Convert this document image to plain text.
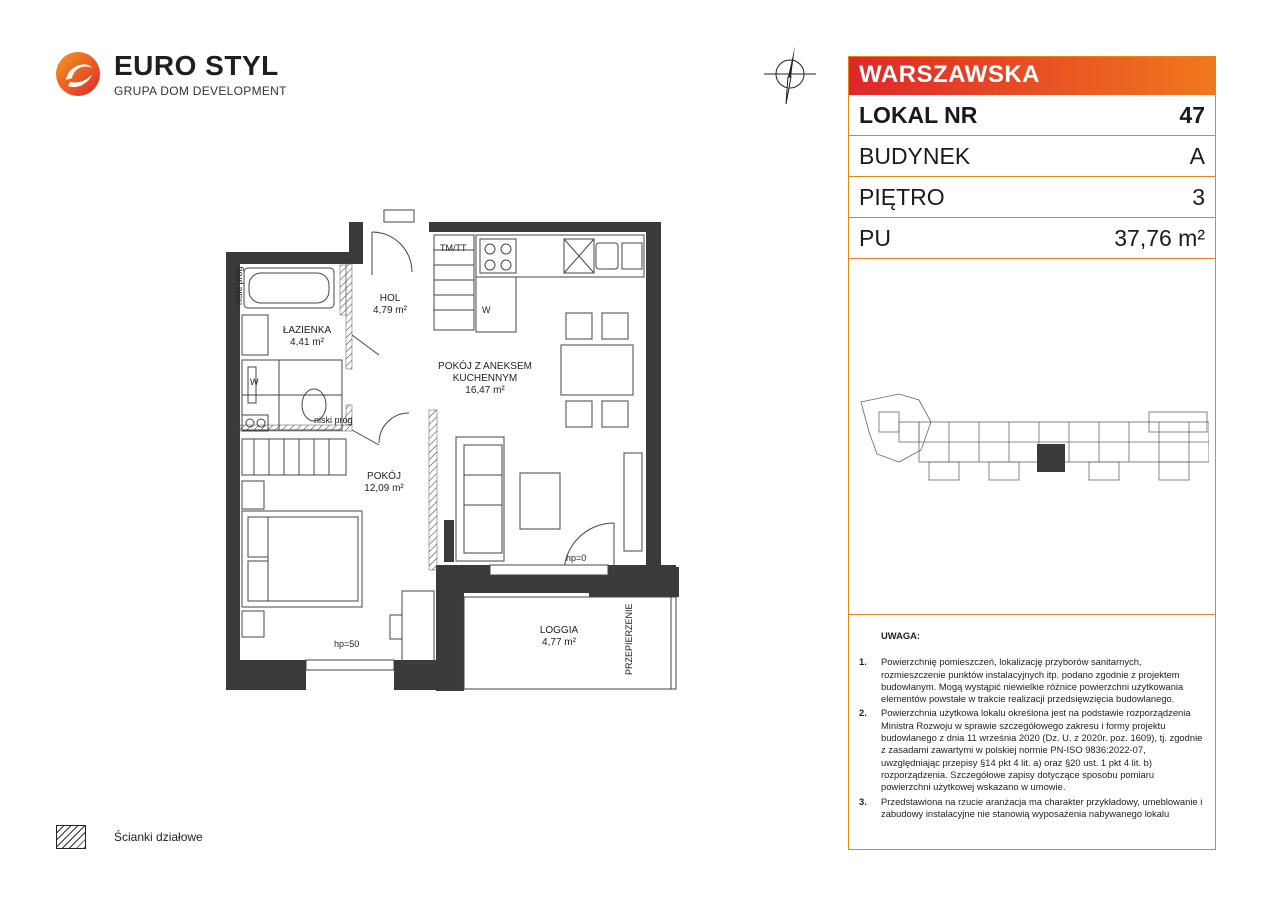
EURO STYL
GRUPA DOM DEVELOPMENT
HOL
4,79 m²
ŁAZIENKA
4,41 m²
POKÓJ Z ANEKSEM
KUCHENNYM
16,47 m²
POKÓJ
12,09 m²
LOGGIA
4,77 m²
TM/TT
niski próg
hp=0
hp=50
W
W
PRZEPIERZENIE
niski próg
WARSZAWSKA
LOKAL NR	47
BUDYNEK	A
PIĘTRO	3
PU	37,76 m²
UWAGA:
1.	Powierzchnię pomieszczeń, lokalizację przyborów sanitarnych, rozmieszczenie punktów instalacyjnych itp. podano zgodnie z projektem budowlanym. Mogą wystąpić niewielkie różnice powierzchni użytkowania elementów powstałe w trakcie realizacji przedsięwzięcia budowlanego.
2.	Powierzchnia użytkowa lokalu określona jest na podstawie rozporządzenia Ministra Rozwoju w sprawie szczegółowego zakresu i formy projektu budowlanego z dnia 11 września 2020 (Dz. U. z 2020r. poz. 1609), tj. zgodnie z zasadami zawartymi w polskiej normie PN-ISO 9836:2022-07, uwzględniając przepisy §14 pkt 4 lit. a) oraz §20 ust. 1 pkt 4 lit. b) rozporządzenia. Szczegółowe zapisy dotyczące sposobu pomiaru powierzchni użytkowej wskazano w umowie.
3.	Przedstawiona na rzucie aranżacja ma charakter przykładowy, umeblowanie i zabudowy instalacyjne nie stanowią wyposażenia nabywanego lokalu
Ścianki działowe
